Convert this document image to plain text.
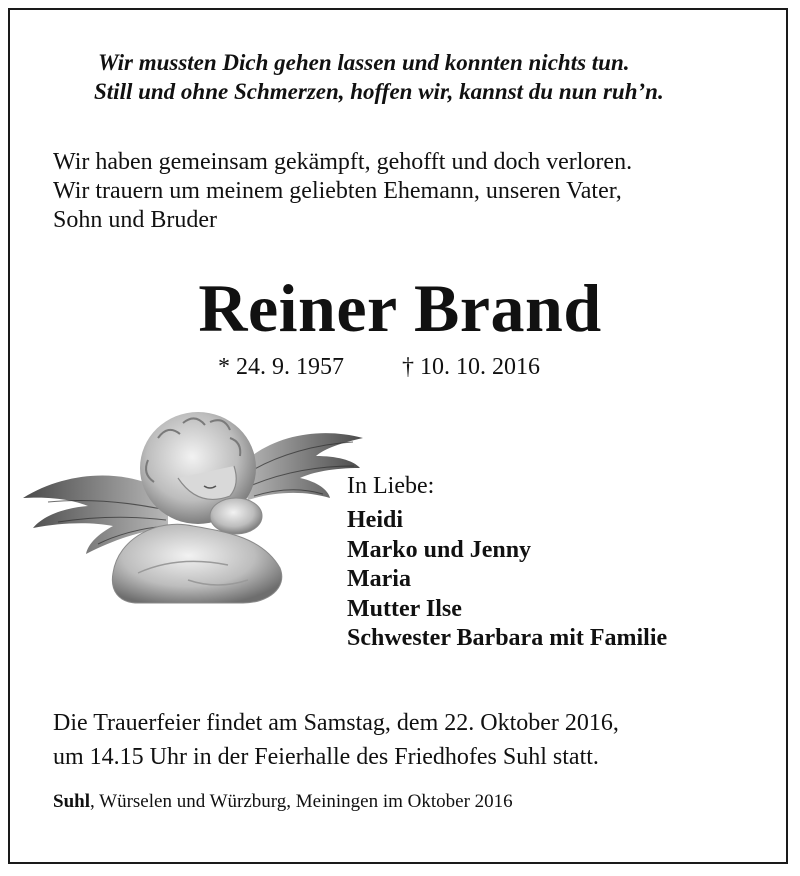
Wir mussten Dich gehen lassen und konnten nichts tun.
Still und ohne Schmerzen, hoffen wir, kannst du nun ruh’n.
Wir haben gemeinsam gekämpft, gehofft und doch verloren.
Wir trauern um meinem geliebten Ehemann, unseren Vater,
Sohn und Bruder
Reiner Brand
* 24. 9. 1957 † 10. 10. 2016
In Liebe:
Heidi
Marko und Jenny
Maria
Mutter Ilse
Schwester Barbara mit Familie
Die Trauerfeier findet am Samstag, dem 22. Oktober 2016,
um 14.15 Uhr in der Feierhalle des Friedhofes Suhl statt.
Suhl, Würselen und Würzburg, Meiningen im Oktober 2016
